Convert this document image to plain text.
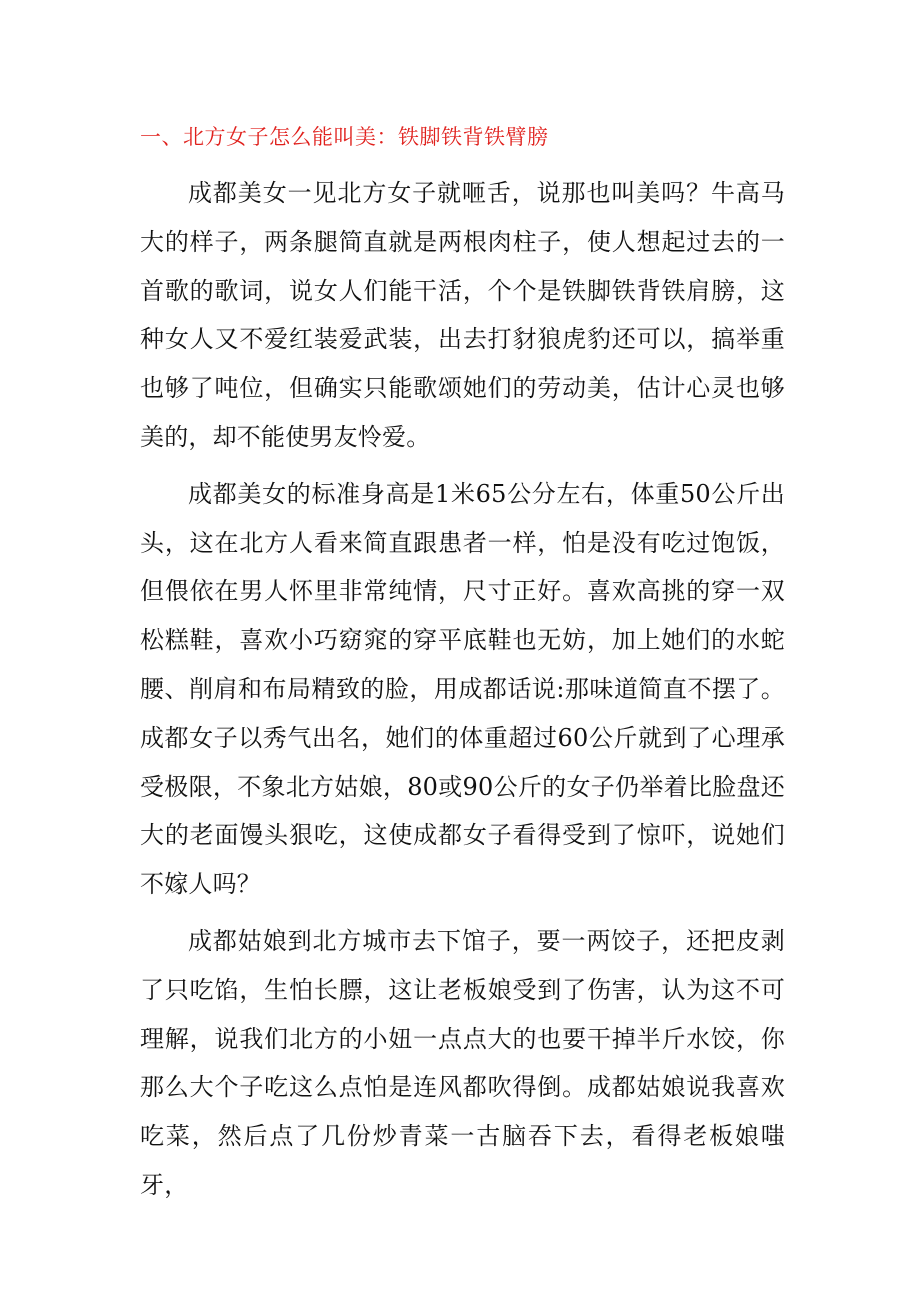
一、北方女子怎么能叫美：铁脚铁背铁臂膀

成都美女一见北方女子就咂舌，说那也叫美吗？牛高马大的样子，两条腿简直就是两根肉柱子，使人想起过去的一首歌的歌词，说女人们能干活，个个是铁脚铁背铁肩膀，这种女人又不爱红装爱武装，出去打豺狼虎豹还可以，搞举重也够了吨位，但确实只能歌颂她们的劳动美，估计心灵也够美的，却不能使男友怜爱。

成都美女的标准身高是1米65公分左右，体重50公斤出头，这在北方人看来简直跟患者一样，怕是没有吃过饱饭，但偎依在男人怀里非常纯情，尺寸正好。喜欢高挑的穿一双松糕鞋，喜欢小巧窈窕的穿平底鞋也无妨，加上她们的水蛇腰、削肩和布局精致的脸，用成都话说:那味道简直不摆了。成都女子以秀气出名，她们的体重超过60公斤就到了心理承受极限，不象北方姑娘，80或90公斤的女子仍举着比脸盘还大的老面馒头狠吃，这使成都女子看得受到了惊吓，说她们不嫁人吗？

成都姑娘到北方城市去下馆子，要一两饺子，还把皮剥了只吃馅，生怕长膘，这让老板娘受到了伤害，认为这不可理解，说我们北方的小妞一点点大的也要干掉半斤水饺，你那么大个子吃这么点怕是连风都吹得倒。成都姑娘说我喜欢吃菜，然后点了几份炒青菜一古脑吞下去，看得老板娘嗤牙，
